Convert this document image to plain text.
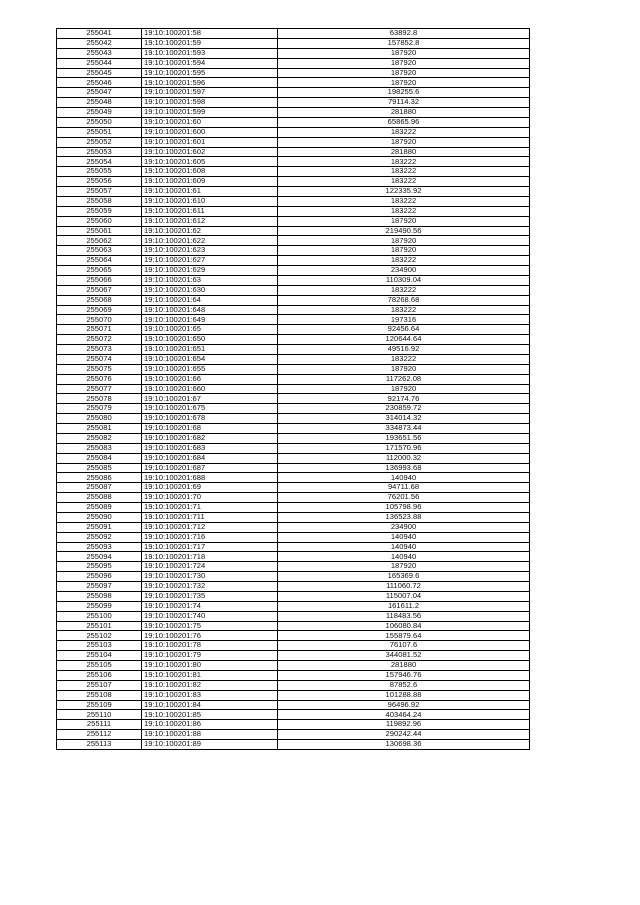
255041	19:10:100201:58	63892.8
255042	19:10:100201:59	157852.8
255043	19:10:100201:593	187920
255044	19:10:100201:594	187920
255045	19:10:100201:595	187920
255046	19:10:100201:596	187920
255047	19:10:100201:597	198255.6
255048	19:10:100201:598	79114.32
255049	19:10:100201:599	281880
255050	19:10:100201:60	65865.96
255051	19:10:100201:600	183222
255052	19:10:100201:601	187920
255053	19:10:100201:602	281880
255054	19:10:100201:605	183222
255055	19:10:100201:608	183222
255056	19:10:100201:609	183222
255057	19:10:100201:61	122335.92
255058	19:10:100201:610	183222
255059	19:10:100201:611	183222
255060	19:10:100201:612	187920
255061	19:10:100201:62	219490.56
255062	19:10:100201:622	187920
255063	19:10:100201:623	187920
255064	19:10:100201:627	183222
255065	19:10:100201:629	234900
255066	19:10:100201:63	110309.04
255067	19:10:100201:630	183222
255068	19:10:100201:64	78268.68
255069	19:10:100201:648	183222
255070	19:10:100201:649	197316
255071	19:10:100201:65	92456.64
255072	19:10:100201:650	120644.64
255073	19:10:100201:651	49516.92
255074	19:10:100201:654	183222
255075	19:10:100201:655	187920
255076	19:10:100201:66	117262.08
255077	19:10:100201:660	187920
255078	19:10:100201:67	92174.76
255079	19:10:100201:675	230859.72
255080	19:10:100201:678	314014.32
255081	19:10:100201:68	334873.44
255082	19:10:100201:682	193651.56
255083	19:10:100201:683	171570.96
255084	19:10:100201:684	112000.32
255085	19:10:100201:687	136993.68
255086	19:10:100201:688	140940
255087	19:10:100201:69	94711.68
255088	19:10:100201:70	76201.56
255089	19:10:100201:71	105798.96
255090	19:10:100201:711	136523.88
255091	19:10:100201:712	234900
255092	19:10:100201:716	140940
255093	19:10:100201:717	140940
255094	19:10:100201:718	140940
255095	19:10:100201:724	187920
255096	19:10:100201:730	165369.6
255097	19:10:100201:732	111060.72
255098	19:10:100201:735	115007.04
255099	19:10:100201:74	161611.2
255100	19:10:100201:740	118483.56
255101	19:10:100201:75	106080.84
255102	19:10:100201:76	155879.64
255103	19:10:100201:78	76107.6
255104	19:10:100201:79	344081.52
255105	19:10:100201:80	281880
255106	19:10:100201:81	157946.76
255107	19:10:100201:82	87852.6
255108	19:10:100201:83	101288.88
255109	19:10:100201:84	96496.92
255110	19:10:100201:85	403464.24
255111	19:10:100201:86	119892.96
255112	19:10:100201:88	290242.44
255113	19:10:100201:89	130698.36
